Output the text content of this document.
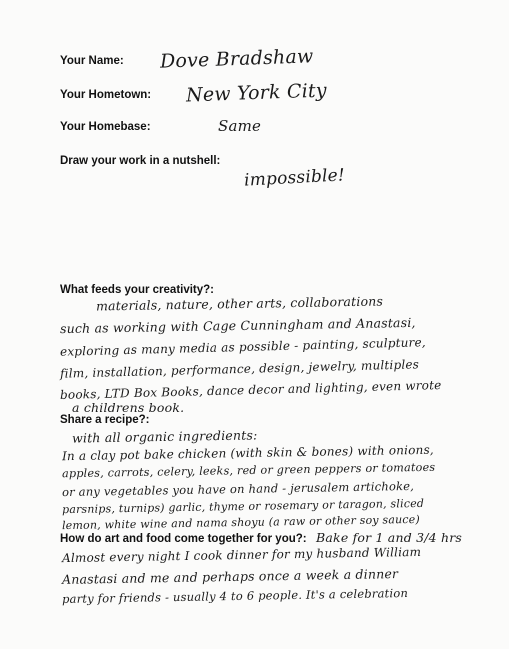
Your Name: Dove Bradshaw
Your Hometown: New York City
Your Homebase:	Same
Draw your work in a nutshell:
impossible!
What feeds your creativity?:
materials, nature, other arts, collaborations
such as working with Cage Cunningham and Anastasi,
exploring as many media as possible - painting, sculpture,
film, installation, performance, design, jewelry, multiples
books, LTD Box Books, dance decor and lighting, even wrote
a childrens book.
Share a recipe?:
with all organic ingredients:
In a clay pot bake chicken (with skin & bones) with onions,
apples, carrots, celery, leeks, red or green peppers or tomatoes
or any vegetables you have on hand - jerusalem artichoke,
parsnips, turnips) garlic, thyme or rosemary or taragon, sliced
lemon, white wine and nama shoyu (a raw or other soy sauce)
How do art and food come together for you?: Bake for 1 and 3/4 hrs
Almost every night I cook dinner for my husband William
Anastasi and me and perhaps once a week a dinner
party for friends - usually 4 to 6 people. It's a celebration
